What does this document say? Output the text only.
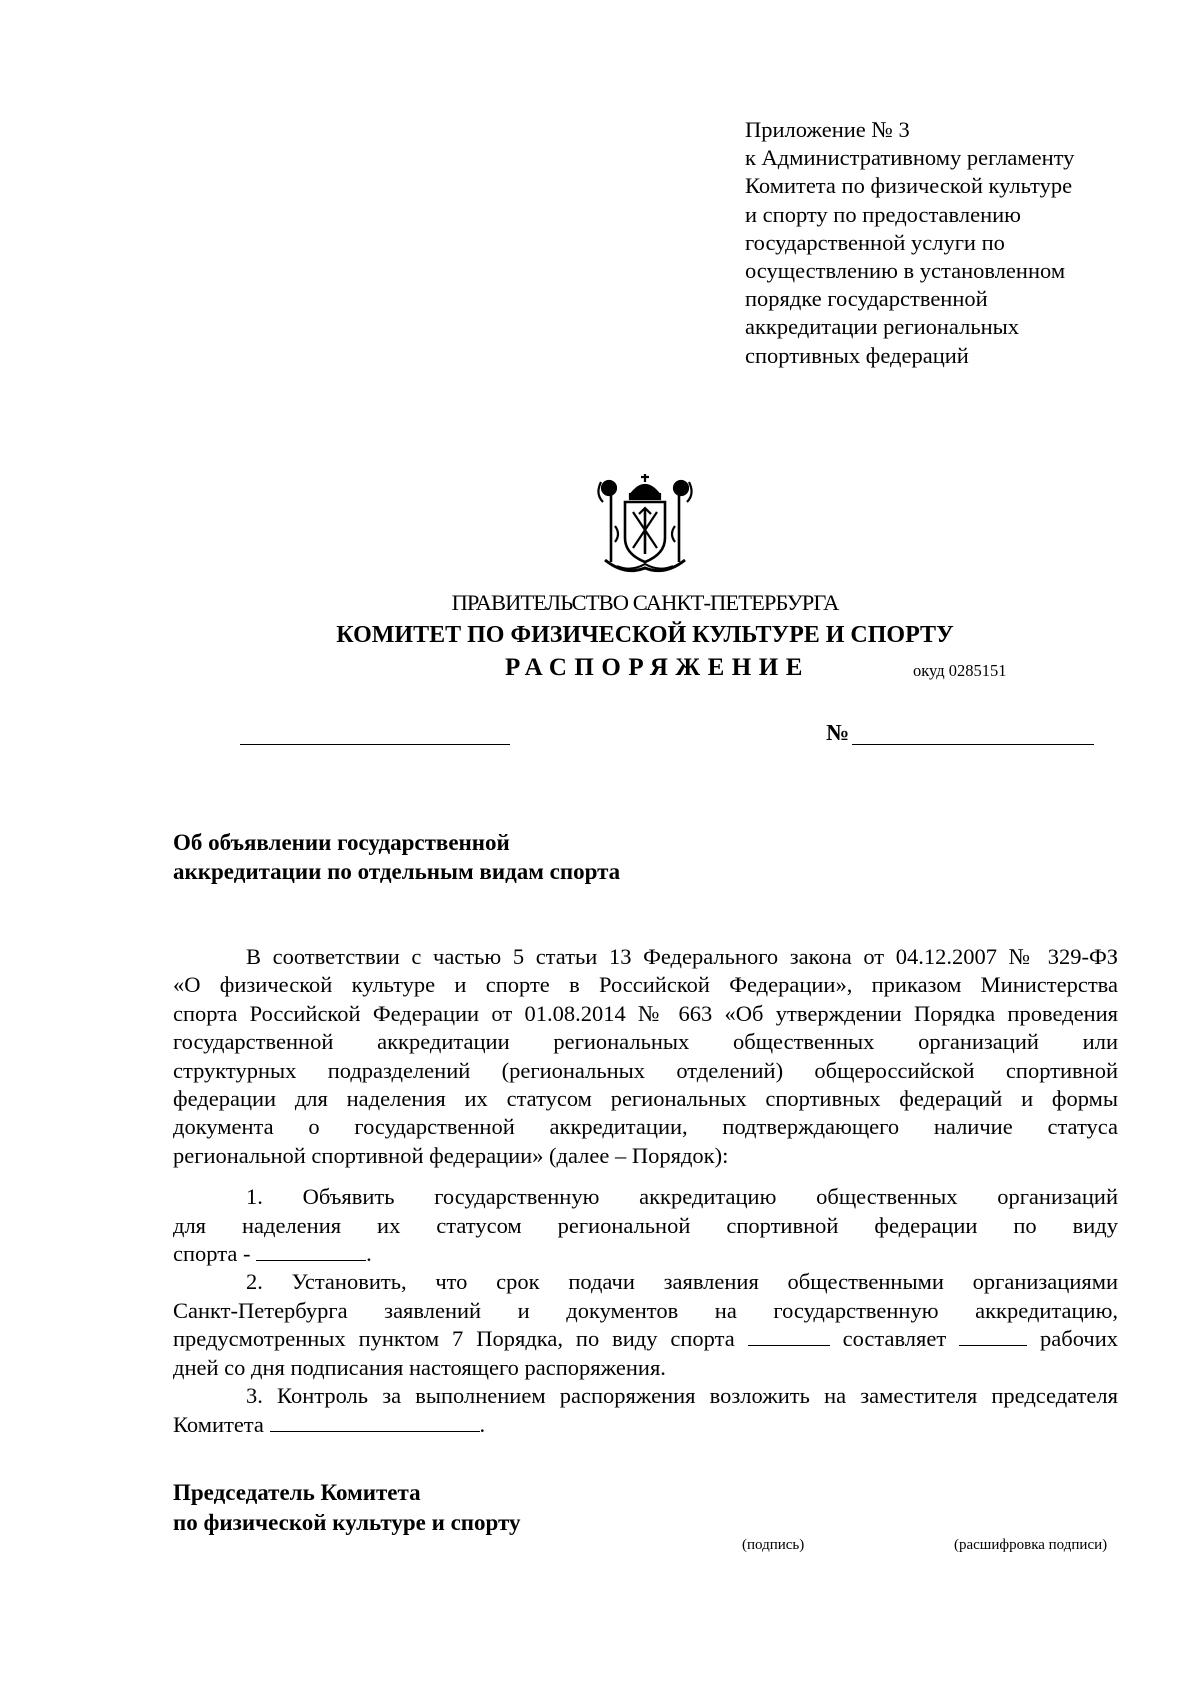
Приложение № 3
к Административному регламенту
Комитета по физической культуре
и спорту по предоставлению
государственной услуги по
осуществлению в установленном
порядке государственной
аккредитации региональных
спортивных федераций
ПРАВИТЕЛЬСТВО САНКТ-ПЕТЕРБУРГА
КОМИТЕТ ПО ФИЗИЧЕСКОЙ КУЛЬТУРЕ И СПОРТУ
РАСПОРЯЖЕНИЕ	окуд 0285151
№
Об объявлении государственной
аккредитации по отдельным видам спорта
В соответствии с частью 5 статьи 13 Федерального закона от 04.12.2007 № 329-ФЗ
«О физической культуре и спорте в Российской Федерации», приказом Министерства
спорта Российской Федерации от 01.08.2014 № 663 «Об утверждении Порядка проведения
государственной аккредитации региональных общественных организаций или
структурных подразделений (региональных отделений) общероссийской спортивной
федерации для наделения их статусом региональных спортивных федераций и формы
документа о государственной аккредитации, подтверждающего наличие статуса
региональной спортивной федерации» (далее – Порядок):
1. Объявить государственную аккредитацию общественных организаций
для наделения их статусом региональной спортивной федерации по виду
спорта -	.
2. Установить, что срок подачи заявления общественными организациями
Санкт-Петербурга заявлений и документов на государственную аккредитацию,
предусмотренных пунктом 7 Порядка, по виду спорта	составляет	рабочих
дней со дня подписания настоящего распоряжения.
3. Контроль за выполнением распоряжения возложить на заместителя председателя
Комитета	.
Председатель Комитета
по физической культуре и спорту
(подпись)	(расшифровка подписи)
